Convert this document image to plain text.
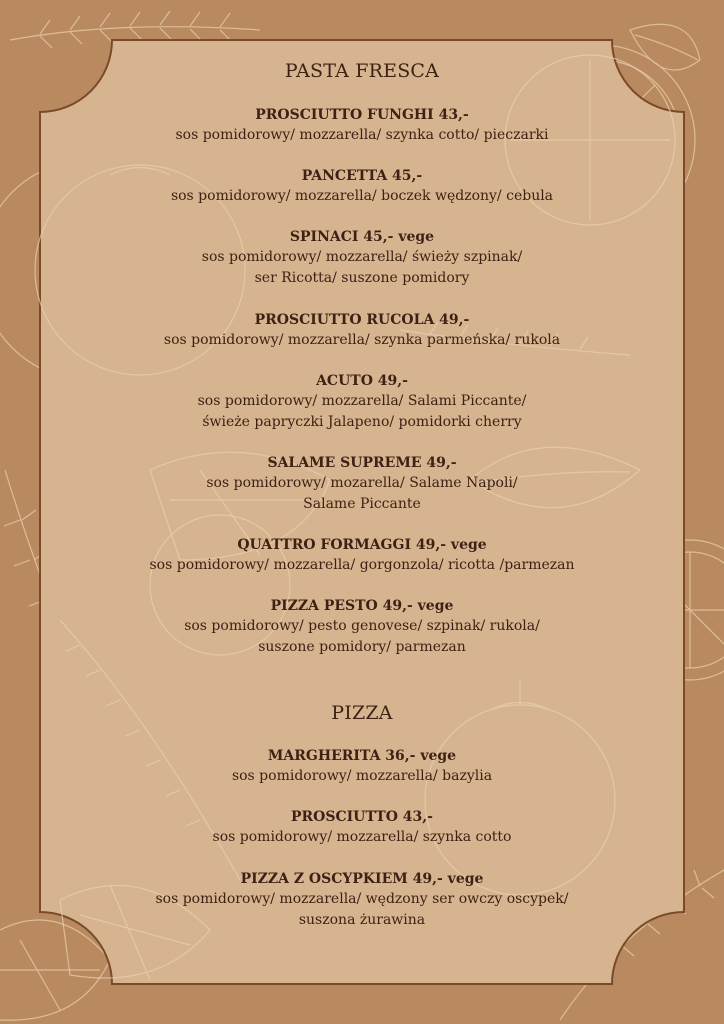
PASTA FRESCA
PROSCIUTTO FUNGHI 43,-
sos pomidorowy/ mozzarella/ szynka cotto/ pieczarki
PANCETTA 45,-
sos pomidorowy/ mozzarella/ boczek wędzony/ cebula
SPINACI 45,- vege
sos pomidorowy/ mozzarella/ świeży szpinak/
ser Ricotta/ suszone pomidory
PROSCIUTTO RUCOLA 49,-
sos pomidorowy/ mozzarella/ szynka parmeńska/ rukola
ACUTO 49,-
sos pomidorowy/ mozzarella/ Salami Piccante/
świeże papryczki Jalapeno/ pomidorki cherry
SALAME SUPREME 49,-
sos pomidorowy/ mozarella/ Salame Napoli/
Salame Piccante
QUATTRO FORMAGGI 49,- vege
sos pomidorowy/ mozzarella/ gorgonzola/ ricotta /parmezan
PIZZA PESTO 49,- vege
sos pomidorowy/ pesto genovese/ szpinak/ rukola/
suszone pomidory/ parmezan
PIZZA
MARGHERITA 36,- vege
sos pomidorowy/ mozzarella/ bazylia
PROSCIUTTO 43,-
sos pomidorowy/ mozzarella/ szynka cotto
PIZZA Z OSCYPKIEM 49,- vege
sos pomidorowy/ mozzarella/ wędzony ser owczy oscypek/
suszona żurawina
